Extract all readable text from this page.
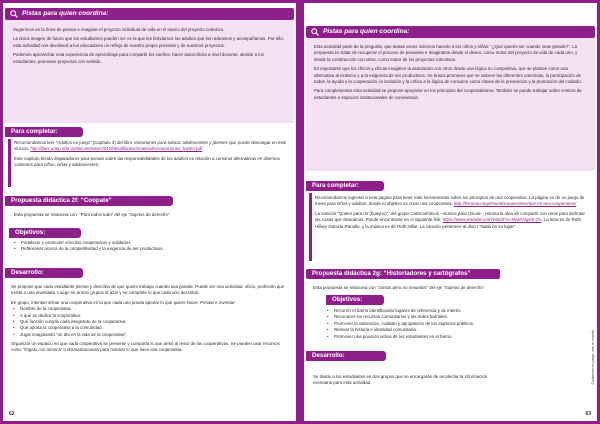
Pistas para quien coordina:

Sugerimos en la línea de pensar e imaginar el proyecto individual de vida en el marco del proyecto colectivo.

La única imagen de futuro que los estudiantes pueden ver es la que les brindamos los adultos que los rodeamos y acompañamos. Por ello, esta actividad nos devolverá a los educadores un reflejo de nuestro propio presente y de nuestros proyectos.

Podemos aprovechar esta experiencia de aprendizaje para compartir los sueños, hacer autocríticas a nivel docente, alentar a los estudiantes, promover proyectos con sentido.

Para completar:

Recomendamos leer "Adultos en juego" (Capítulo 3) del libro Variaciones para educar adolescentes y jóvenes que puede descargar en este vínculo: http://fpes.anep.edu.uy/documentos/2013/desafiliados/materiales/variaciones_kantor.pdf

Este capítulo brinda disparadores para pensar sobre las responsabilidades de los adultos en relación a construir alternativas en diversos contextos para niños, niñas y adolescentes.

Propuesta didáctica 2f: “Coopate”
Esta propuesta se relaciona con: “Para todos todo” del eje “Sujetos de derecho”.
Objetivos:
• Fortalecer y promover vínculos cooperativos y solidarios.
• Reflexionar acerca de la competitividad y la exigencia de ser productivos.
Desarrollo:

Se propone que cada estudiante piense y describa de qué quiere trabajar cuando sea grande. Puede ser una actividad, oficio, profesión que exista o una inventada. Luego se arman grupos al azar y se comparte lo que cada uno describió.

En grupo, intentan armar una cooperativa en la que cada uno pueda aportar lo que quiere hacer. Pensar e inventar:

• Nombre de la cooperativa.
• A qué se dedica la cooperativa.
• Qué función cumple cada integrante de la cooperativa.
• Qué aporta la cooperativa a la comunidad.
• Jugar imaginando “un día en la vida de la cooperativa”.

Organizar un espacio en que cada cooperativa se presente y comparta lo que armó al resto de las cooperativas. Se pueden usar recursos como “Dígalo con mímica” o dramatizaciones para mostrar lo que hace esa cooperativa.

62
Pistas para quien coordina:

Esta actividad parte de la pregunta, que tantas veces solemos hacerle a los niños y niñas: “¿Qué querés ser cuando seas grande?”. La propuesta es tratar de recuperar el proceso de pensarse e imaginarse desde el deseo, como motor del proyecto de vida de cada uno, y desde la construcción con otros, como motor de los proyectos colectivos.

Es importante que los chicos y chicas imaginen la asociación con otros desde una lógica no competitiva, que se plantee como una alternativa al exitismo y a la exigencia de ser productivos. Se busca promover que se valoren las diferentes colectivas, la participación de todos, la ayuda y la cooperación, la inclusión y la crítica a la lógica de consumo como claves de la prevención y la promoción del cuidado.

Para complementar esta actividad se propone apoyarse en los principios del cooperativismo. También se puede trabajar sobre centros de estudiantes o espacios institucionales de convivencia.

Para completar:

Recomendamos ingresar a esta página para tener más herramientas sobre los principios de una cooperativa. La página es de un juego de mesa para niños y adultos, donde el objetivo es crear una cooperativa. http://fecoma.coop/mundocooperativo/que-es-una-cooperativa/

La canción “Quiero para mí (huayno)”, del grupo Canticuénticos –música para chicos–, retoma la idea de compartir con otros para disfrutar las cosas que deseamos. Puede encontrarse en el siguiente link: https://www.youtube.com/watch?v=5hWH2gGE-Fo. La letra es de Ruth Hillary Daniela Ranallo, y la música es de Ruth Hillar. La canción pertenece al disco “Nada en su lugar”.

Propuesta didáctica 2g: “Historiadores y cartógrafos”
Esta propuesta se relaciona con “Juntos pero no revueltos” del eje “Sujetos de derecho”.
Objetivos:
• Recorrer el barrio identificando lugares de referencia y de interés.
• Reconocer los recursos comunitarios y las redes barriales.
• Promover la valoración, cuidado y apropiación de los espacios públicos.
• Relevar la historia e identidad comunitaria.
• Promover una posición activa de los estudiantes en el barrio.
Desarrollo:
Se divide a los estudiantes en dos grupos que se encargarán de recolectar la información necesaria para esta actividad.	Cuidamos en juego, con el mundo
63
